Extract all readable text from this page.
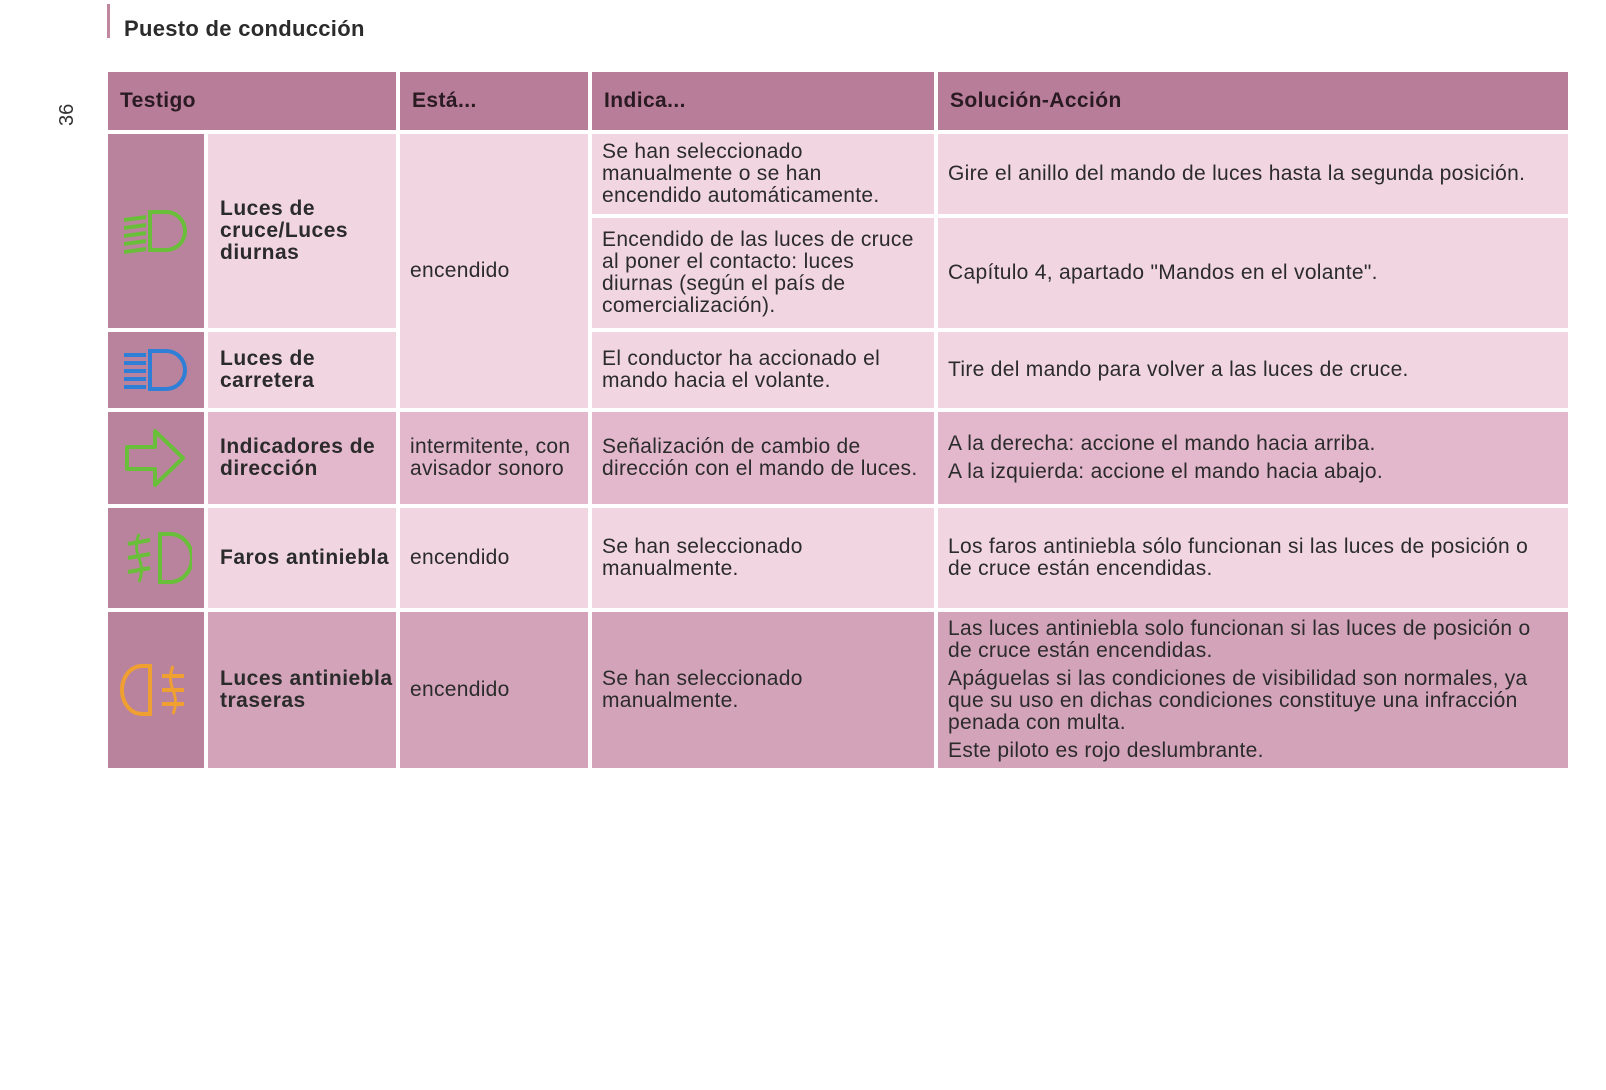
Puesto de conducción
36
Testigo		Está...	Indica...	Solución-Acción

	Luces de cruce/Luces diurnas	encendido	Se han seleccionado manualmente o se han encendido automáticamente.	Gire el anillo del mando de luces hasta la segunda posición.
			Encendido de las luces de cruce al poner el contacto: luces diurnas (según el país de comercialización).	Capítulo 4, apartado "Mandos en el volante".

	Luces de carretera		El conductor ha accionado el mando hacia el volante.	Tire del mando para volver a las luces de cruce.

	Indicadores de dirección	intermitente, con avisador sonoro	Señalización de cambio de dirección con el mando de luces.	A la derecha: accione el mando hacia arriba.

A la izquierda: accione el mando hacia abajo.

	Faros antiniebla	encendido	Se han seleccionado manualmente.	Los faros antiniebla sólo funcionan si las luces de posición o de cruce están encendidas.

	Luces antiniebla traseras	encendido	Se han seleccionado manualmente.	Las luces antiniebla solo funcionan si las luces de posición o de cruce están encendidas.

Apáguelas si las condiciones de visibilidad son normales, ya que su uso en dichas condiciones constituye una infracción penada con multa.

Este piloto es rojo deslumbrante.
